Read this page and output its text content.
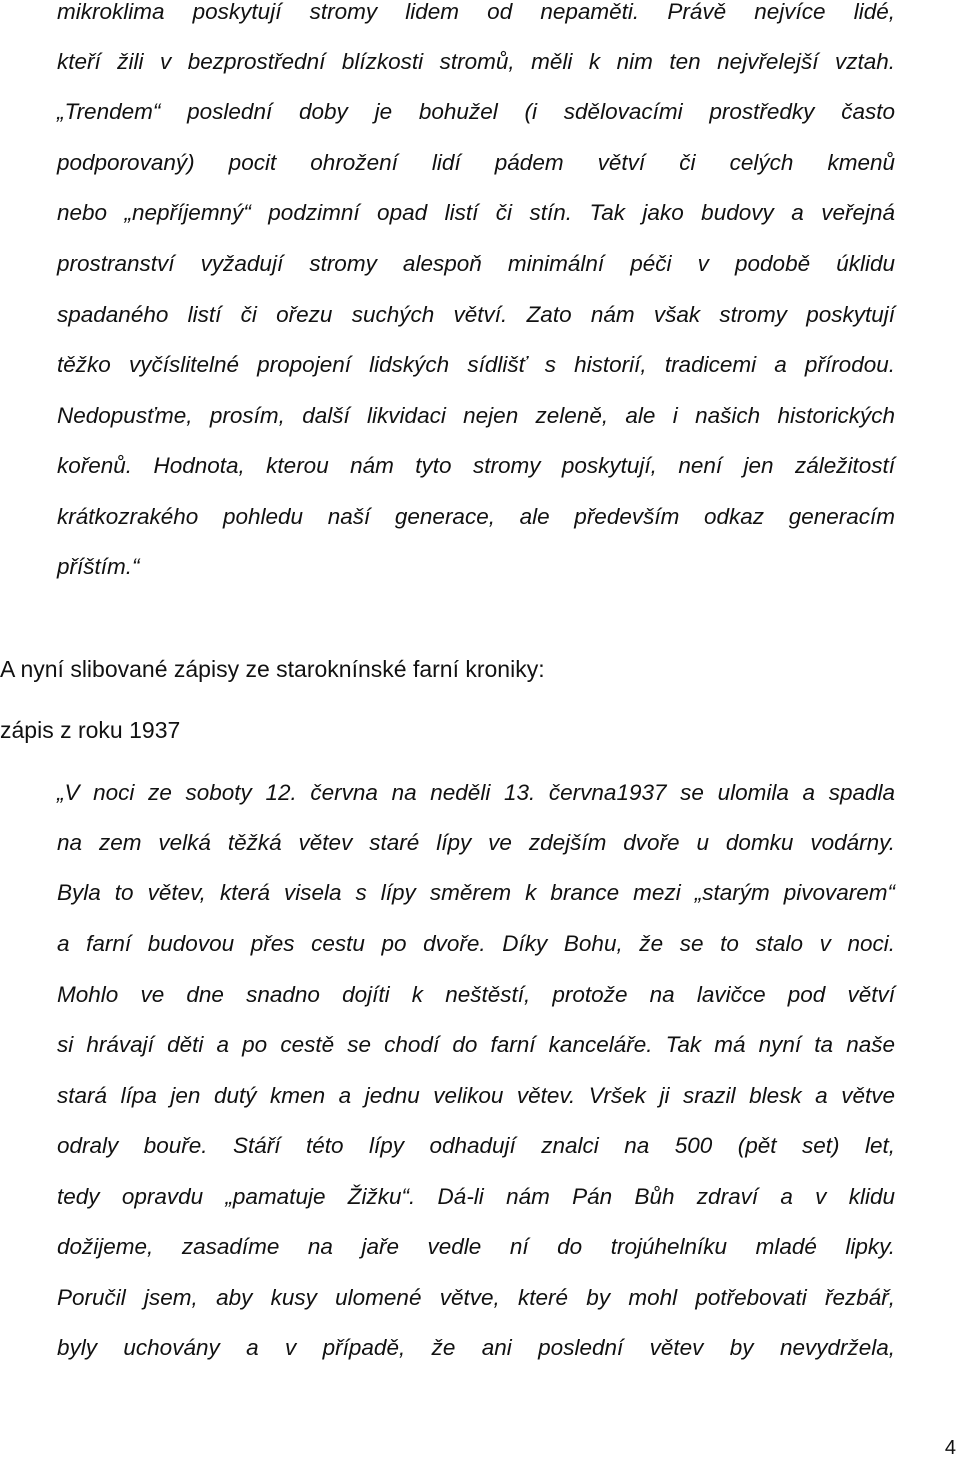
mikroklima poskytují stromy lidem od nepaměti. Právě nejvíce lidé,
kteří žili v bezprostřední blízkosti stromů, měli k nim ten nejvřelejší vztah.
„Trendem“ poslední doby je bohužel (i sdělovacími prostředky často
podporovaný) pocit ohrožení lidí pádem větví či celých kmenů
nebo „nepříjemný“ podzimní opad listí či stín. Tak jako budovy a veřejná
prostranství vyžadují stromy alespoň minimální péči v podobě úklidu
spadaného listí či ořezu suchých větví. Zato nám však stromy poskytují
těžko vyčíslitelné propojení lidských sídlišť s historií, tradicemi a přírodou.
Nedopusťme, prosím, další likvidaci nejen zeleně, ale i našich historických
kořenů. Hodnota, kterou nám tyto stromy poskytují, není jen záležitostí
krátkozrakého pohledu naší generace, ale především odkaz generacím
příštím.“
A nyní slibované zápisy ze staroknínské farní kroniky:
zápis z roku 1937
„V noci ze soboty 12. června na neděli 13. června1937 se ulomila a spadla
na zem velká těžká větev staré lípy ve zdejším dvoře u domku vodárny.
Byla to větev, která visela s lípy směrem k brance mezi „starým pivovarem“
a farní budovou přes cestu po dvoře. Díky Bohu, že se to stalo v noci.
Mohlo ve dne snadno dojíti k neštěstí, protože na lavičce pod větví
si hrávají děti a po cestě se chodí do farní kanceláře. Tak má nyní ta naše
stará lípa jen dutý kmen a jednu velikou větev. Vršek ji srazil blesk a větve
odraly bouře. Stáří této lípy odhadují znalci na 500 (pět set) let,
tedy opravdu „pamatuje Žižku“. Dá-li nám Pán Bůh zdraví a v klidu
dožijeme, zasadíme na jaře vedle ní do trojúhelníku mladé lipky.
Poručil jsem, aby kusy ulomené větve, které by mohl potřebovati řezbář,
byly uchovány a v případě, že ani poslední větev by nevydržela,
4
